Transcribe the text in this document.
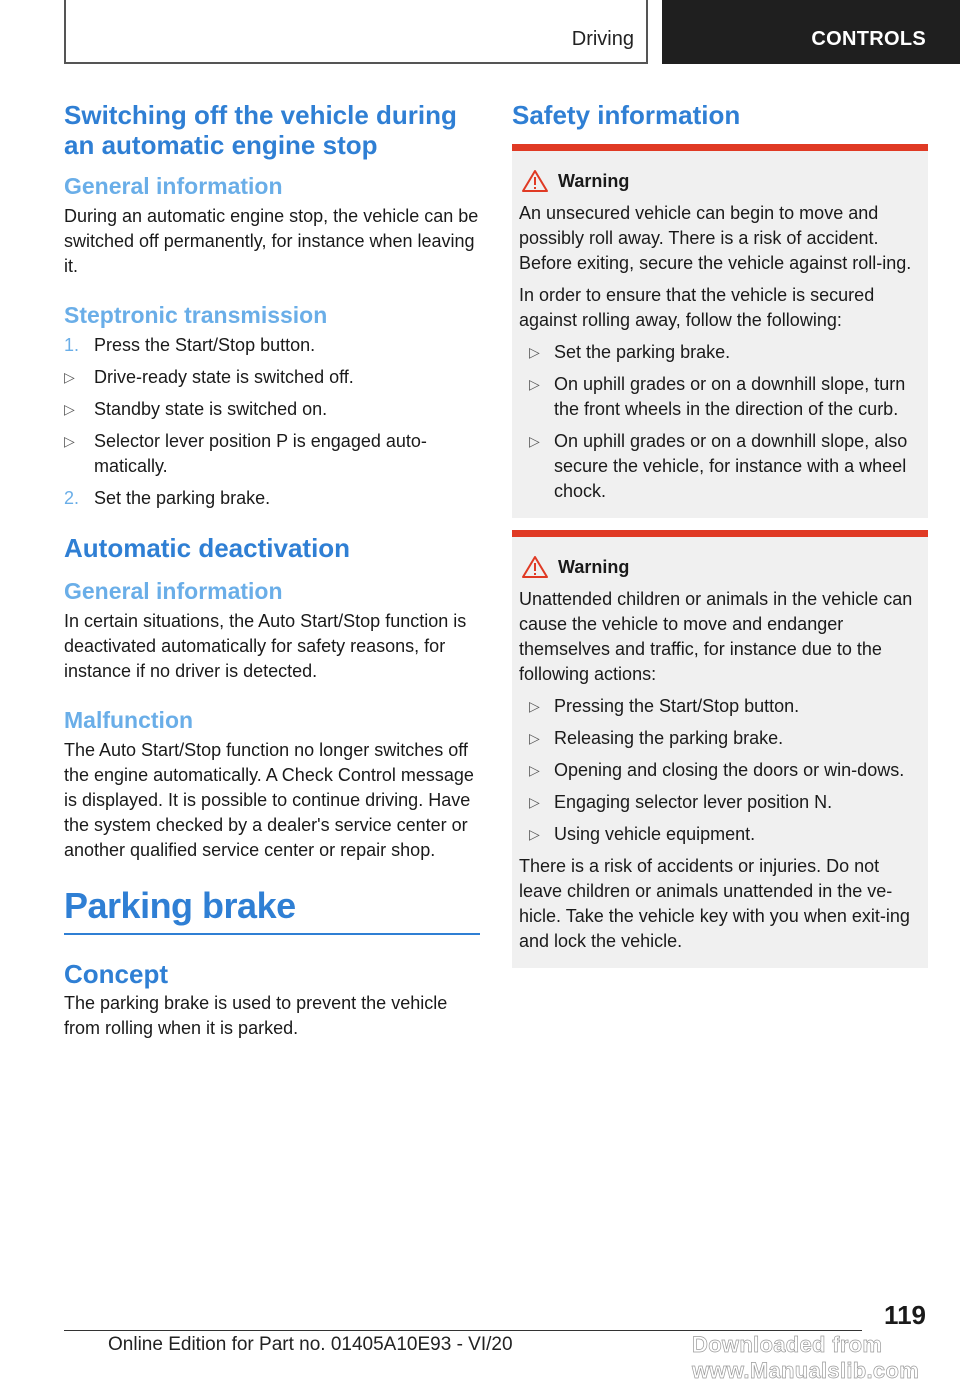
Driving	CONTROLS
Switching off the vehicle during
an automatic engine stop
General information

During an automatic engine stop, the vehicle can be switched off permanently, for instance when leaving it.

Steptronic transmission
1. Press the Start/Stop button.
▷ Drive-ready state is switched off.
▷ Standby state is switched on.
▷ Selector lever position P is engaged auto-matically.
2. Set the parking brake.
Automatic deactivation
General information

In certain situations, the Auto Start/Stop function is deactivated automatically for safety reasons, for instance if no driver is detected.

Malfunction

The Auto Start/Stop function no longer switches off the engine automatically. A Check Control message is displayed. It is possible to continue driving. Have the system checked by a dealer's service center or another qualified service center or repair shop.

Parking brake
Concept

The parking brake is used to prevent the vehicle from rolling when it is parked.

Safety information
Warning

An unsecured vehicle can begin to move and possibly roll away. There is a risk of accident. Before exiting, secure the vehicle against roll-ing.

In order to ensure that the vehicle is secured against rolling away, follow the following:

▷ Set the parking brake.
▷ On uphill grades or on a downhill slope, turn the front wheels in the direction of the curb.
▷ On uphill grades or on a downhill slope, also secure the vehicle, for instance with a wheel chock.
Warning

Unattended children or animals in the vehicle can cause the vehicle to move and endanger themselves and traffic, for instance due to the following actions:

▷ Pressing the Start/Stop button.
▷ Releasing the parking brake.
▷ Opening and closing the doors or win-dows.
▷ Engaging selector lever position N.
▷ Using vehicle equipment.

There is a risk of accidents or injuries. Do not leave children or animals unattended in the ve-hicle. Take the vehicle key with you when exit-ing and lock the vehicle.

119
Online Edition for Part no. 01405A10E93 - VI/20	Downloaded from www.Manualslib.com
